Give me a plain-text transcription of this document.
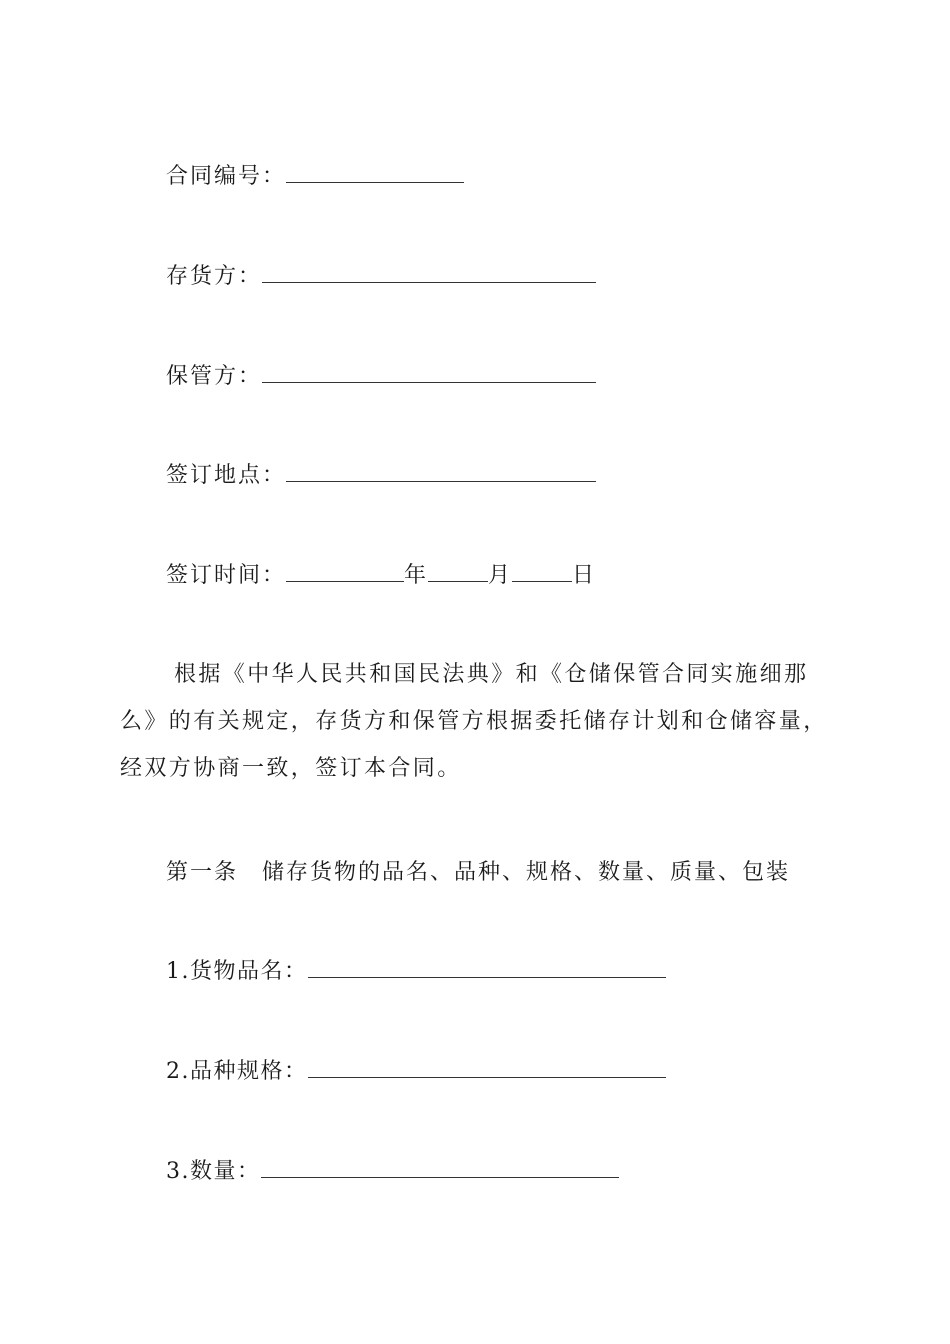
合同编号：
存货方：
保管方：
签订地点：
签订时间：	年	月	日
根据《中华人民共和国民法典》和《仓储保管合同实施细那
么》的有关规定，存货方和保管方根据委托储存计划和仓储容量，
经双方协商一致，签订本合同。
第一条　储存货物的品名、品种、规格、数量、质量、包装
1.货物品名：
2.品种规格：
3.数量：
